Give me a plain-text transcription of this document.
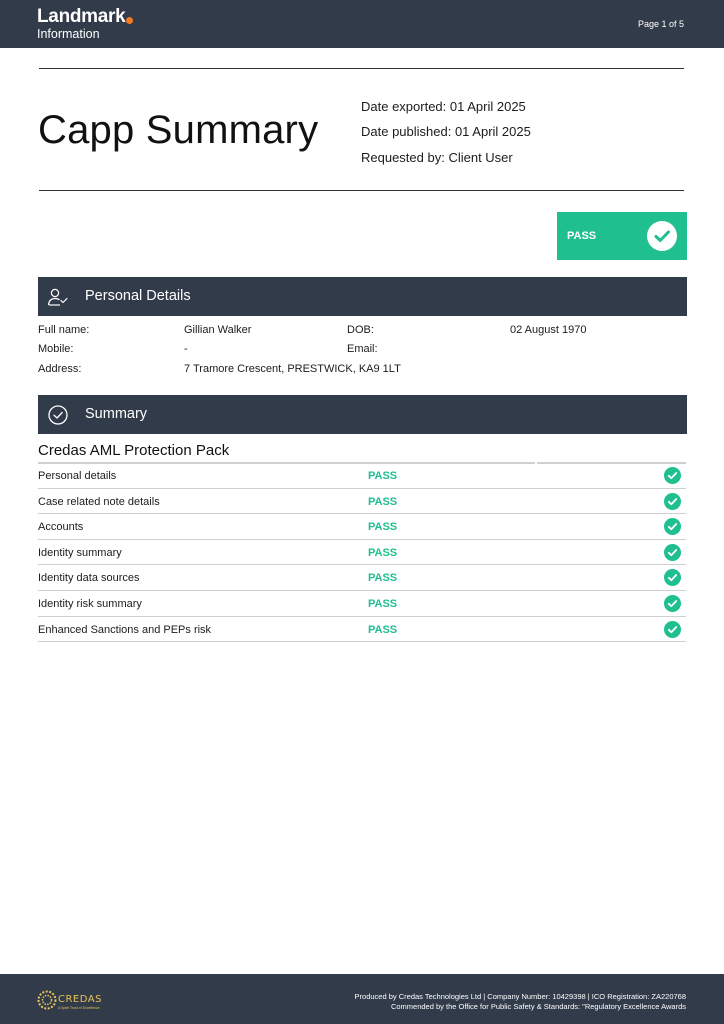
Landmark
Information
Page 1 of 5
Capp Summary
Date exported: 01 April 2025
Date published: 01 April 2025
Requested by: Client User
PASS
Personal Details
Full name:	Gillian Walker	DOB:	02 August 1970
Mobile:	-	Email:
Address:	7 Tramore Crescent, PRESTWICK, KA9 1LT
Summary
Credas AML Protection Pack
Personal details	PASS
Case related note details	PASS
Accounts	PASS
Identity summary	PASS
Identity data sources	PASS
Identity risk summary	PASS
Enhanced Sanctions and PEPs risk	PASS
CREDAS
A Spirit Trust of Excellence
Produced by Credas Technologies Ltd | Company Number: 10429398 | ICO Registration: ZA220768
Commended by the Office for Public Safety & Standards: "Regulatory Excellence Awards
